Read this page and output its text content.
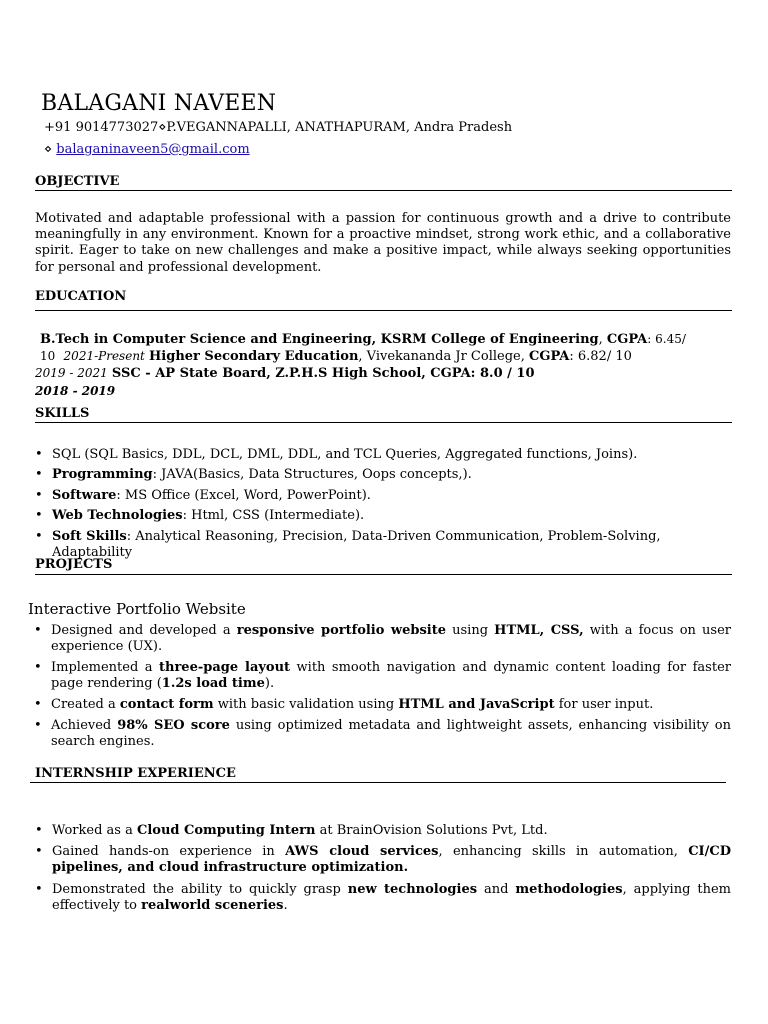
BALAGANI NAVEEN
+91 9014773027⋄P.VEGANNAPALLI, ANATHAPURAM, Andra Pradesh
⋄ balaganinaveen5@gmail.com
OBJECTIVE
Motivated and adaptable professional with a passion for continuous growth and a drive to contribute meaningfully in any environment. Known for a proactive mindset, strong work ethic, and a collaborative spirit. Eager to take on new challenges and make a positive impact, while always seeking opportunities for personal and professional development.
EDUCATION
B.Tech in Computer Science and Engineering, KSRM College of Engineering, CGPA: 6.45/ 10 2021-Present Higher Secondary Education, Vivekananda Jr College, CGPA: 6.82/ 10
2019 - 2021 SSC - AP State Board, Z.P.H.S High School, CGPA: 8.0 / 10
2018 - 2019
SKILLS
• SQL (SQL Basics, DDL, DCL, DML, DDL, and TCL Queries, Aggregated functions, Joins).
• Programming: JAVA(Basics, Data Structures, Oops concepts,).
• Software: MS Office (Excel, Word, PowerPoint).
• Web Technologies: Html, CSS (Intermediate).
• Soft Skills: Analytical Reasoning, Precision, Data-Driven Communication, Problem-Solving, Adaptability
PROJECTS
Interactive Portfolio Website
• Designed and developed a responsive portfolio website using HTML, CSS, with a focus on user experience (UX).
• Implemented a three-page layout with smooth navigation and dynamic content loading for faster page rendering (1.2s load time).
• Created a contact form with basic validation using HTML and JavaScript for user input.
• Achieved 98% SEO score using optimized metadata and lightweight assets, enhancing visibility on search engines.
INTERNSHIP EXPERIENCE
• Worked as a Cloud Computing Intern at BrainOvision Solutions Pvt, Ltd.
• Gained hands-on experience in AWS cloud services, enhancing skills in automation, CI/CD pipelines, and cloud infrastructure optimization.
• Demonstrated the ability to quickly grasp new technologies and methodologies, applying them effectively to realworld sceneries.
